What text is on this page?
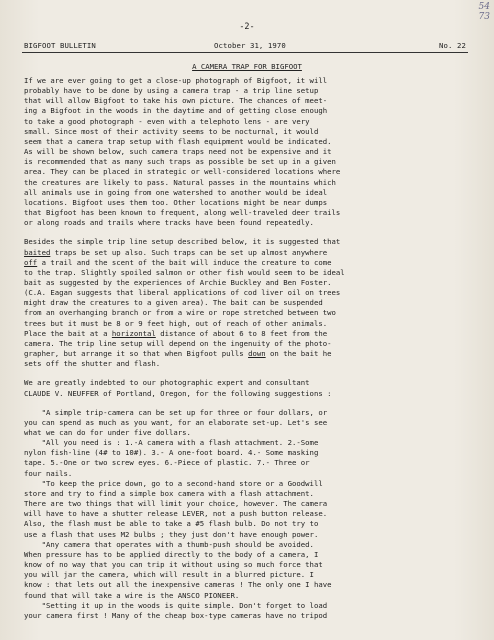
54
73
-2-
BIGFOOT BULLETIN	October 31, 1970	No. 22
A CAMERA TRAP FOR BIGFOOT

If we are ever going to get a close-up photograph of Bigfoot, it will
probably have to be done by using a camera trap - a trip line setup
that will allow Bigfoot to take his own picture. The chances of meet-
ing a Bigfoot in the woods in the daytime and of getting close enough
to take a good photograph - even with a telephoto lens - are very
small. Since most of their activity seems to be nocturnal, it would
seem that a camera trap setup with flash equipment would be indicated.
As will be shown below, such camera traps need not be expensive and it
is recommended that as many such traps as possible be set up in a given
area. They can be placed in strategic or well-considered locations where
the creatures are likely to pass. Natural passes in the mountains which
all animals use in going from one watershed to another would be ideal
locations. Bigfoot uses them too. Other locations might be near dumps
that Bigfoot has been known to frequent, along well-traveled deer trails
or along roads and trails where tracks have been found repeatedly.

Besides the simple trip line setup described below, it is suggested that
baited traps be set up also. Such traps can be set up almost anywhere
off a trail and the scent of the bait will induce the creature to come
to the trap. Slightly spoiled salmon or other fish would seem to be ideal
bait as suggested by the experiences of Archie Buckley and Ben Foster.
(C.A. Eagan suggests that liberal applications of cod liver oil on trees
might draw the creatures to a given area). The bait can be suspended
from an overhanging branch or from a wire or rope stretched between two
trees but it must be 8 or 9 feet high, out of reach of other animals.
Place the bait at a horizontal distance of about 6 to 8 feet from the
camera. The trip line setup will depend on the ingenuity of the photo-
grapher, but arrange it so that when Bigfoot pulls down on the bait he
sets off the shutter and flash.

We are greatly indebted to our photographic expert and consultant
CLAUDE V. NEUFFER of Portland, Oregon, for the following suggestions :

"A simple trip-camera can be set up for three or four dollars, or
you can spend as much as you want, for an elaborate set-up. Let's see
what we can do for under five dollars.
"All you need is : 1.-A camera with a flash attachment. 2.-Some
nylon fish-line (4# to 10#). 3.- A one-foot board. 4.- Some masking
tape. 5.-One or two screw eyes. 6.-Piece of plastic. 7.- Three or
four nails.
"To keep the price down, go to a second-hand store or a Goodwill
store and try to find a simple box camera with a flash attachment.
There are two things that will limit your choice, however. The camera
will have to have a shutter release LEVER, not a push button release.
Also, the flash must be able to take a #5 flash bulb. Do not try to
use a flash that uses M2 bulbs ; they just don't have enough power.
"Any camera that operates with a thumb-push should be avoided.
When pressure has to be applied directly to the body of a camera, I
know of no way that you can trip it without using so much force that
you will jar the camera, which will result in a blurred picture. I
know : that lets out all the inexpensive cameras ! The only one I have
found that will take a wire is the ANSCO PIONEER.
"Setting it up in the woods is quite simple. Don't forget to load
your camera first ! Many of the cheap box-type cameras have no tripod
